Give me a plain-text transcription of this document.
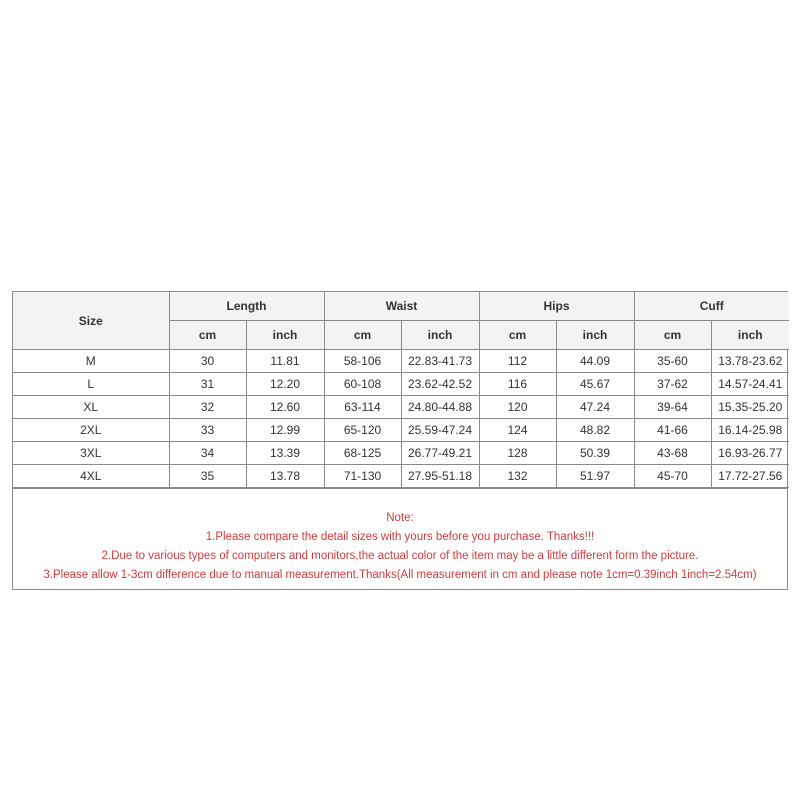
Size	Length		Waist		Hips		Cuff	
	cm	inch	cm	inch	cm	inch	cm	inch
M	30	11.81	58-106	22.83-41.73	112	44.09	35-60	13.78-23.62
L	31	12.20	60-108	23.62-42.52	116	45.67	37-62	14.57-24.41
XL	32	12.60	63-114	24.80-44.88	120	47.24	39-64	15.35-25.20
2XL	33	12.99	65-120	25.59-47.24	124	48.82	41-66	16.14-25.98
3XL	34	13.39	68-125	26.77-49.21	128	50.39	43-68	16.93-26.77
4XL	35	13.78	71-130	27.95-51.18	132	51.97	45-70	17.72-27.56
Note:
1.Please compare the detail sizes with yours before you purchase. Thanks!!!
2.Due to various types of computers and monitors,the actual color of the item may be a little different form the picture.
3.Please allow 1-3cm difference due to manual measurement.Thanks(All measurement in cm and please note 1cm=0.39inch 1inch=2.54cm)
